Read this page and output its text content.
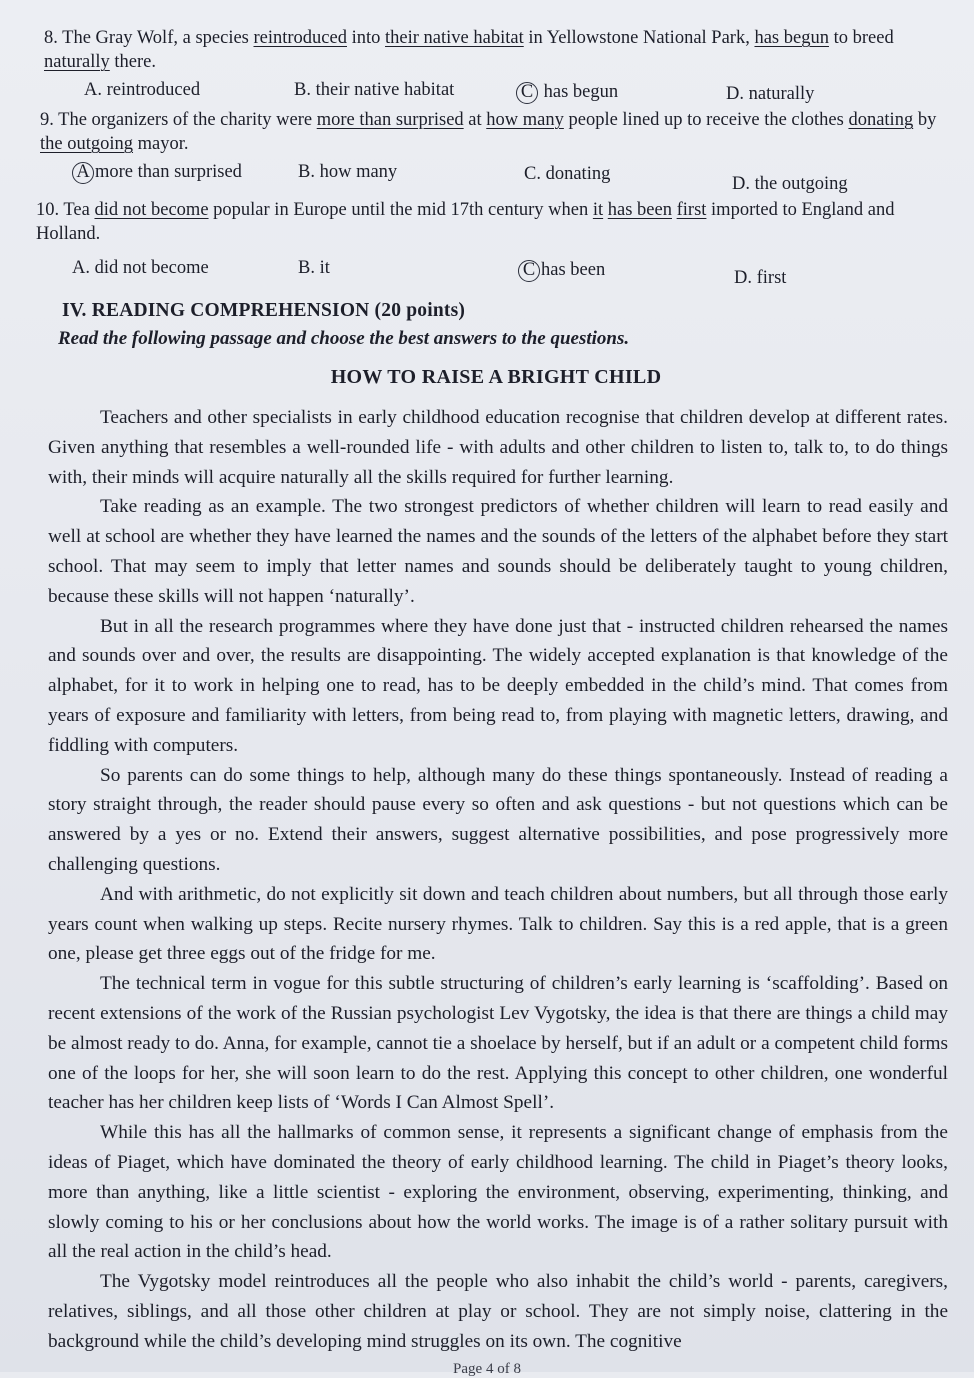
8. The Gray Wolf, a species reintroduced into their native habitat in Yellowstone National Park, has begun to breed naturally there.

A. reintroduced	B. their native habitat	C has begun	D. naturally

9. The organizers of the charity were more than surprised at how many people lined up to receive the clothes donating by the outgoing mayor.

A more than surprised	B. how many	C. donating	D. the outgoing

10. Tea did not become popular in Europe until the mid 17th century when it has been first imported to England and Holland.

A. did not become	B. it	C has been	D. first
IV. READING COMPREHENSION (20 points)
Read the following passage and choose the best answers to the questions.
HOW TO RAISE A BRIGHT CHILD

Teachers and other specialists in early childhood education recognise that children develop at different rates. Given anything that resembles a well-rounded life - with adults and other children to listen to, talk to, to do things with, their minds will acquire naturally all the skills required for further learning.

Take reading as an example. The two strongest predictors of whether children will learn to read easily and well at school are whether they have learned the names and the sounds of the letters of the alphabet before they start school. That may seem to imply that letter names and sounds should be deliberately taught to young children, because these skills will not happen ‘naturally’.

But in all the research programmes where they have done just that - instructed children rehearsed the names and sounds over and over, the results are disappointing. The widely accepted explanation is that knowledge of the alphabet, for it to work in helping one to read, has to be deeply embedded in the child’s mind. That comes from years of exposure and familiarity with letters, from being read to, from playing with magnetic letters, drawing, and fiddling with computers.

So parents can do some things to help, although many do these things spontaneously. Instead of reading a story straight through, the reader should pause every so often and ask questions - but not questions which can be answered by a yes or no. Extend their answers, suggest alternative possibilities, and pose progressively more challenging questions.

And with arithmetic, do not explicitly sit down and teach children about numbers, but all through those early years count when walking up steps. Recite nursery rhymes. Talk to children. Say this is a red apple, that is a green one, please get three eggs out of the fridge for me.

The technical term in vogue for this subtle structuring of children’s early learning is ‘scaffolding’. Based on recent extensions of the work of the Russian psychologist Lev Vygotsky, the idea is that there are things a child may be almost ready to do. Anna, for example, cannot tie a shoelace by herself, but if an adult or a competent child forms one of the loops for her, she will soon learn to do the rest. Applying this concept to other children, one wonderful teacher has her children keep lists of ‘Words I Can Almost Spell’.

While this has all the hallmarks of common sense, it represents a significant change of emphasis from the ideas of Piaget, which have dominated the theory of early childhood learning. The child in Piaget’s theory looks, more than anything, like a little scientist - exploring the environment, observing, experimenting, thinking, and slowly coming to his or her conclusions about how the world works. The image is of a rather solitary pursuit with all the real action in the child’s head.

The Vygotsky model reintroduces all the people who also inhabit the child’s world - parents, caregivers, relatives, siblings, and all those other children at play or school. They are not simply noise, clattering in the background while the child’s developing mind struggles on its own. The cognitive

Page 4 of 8
